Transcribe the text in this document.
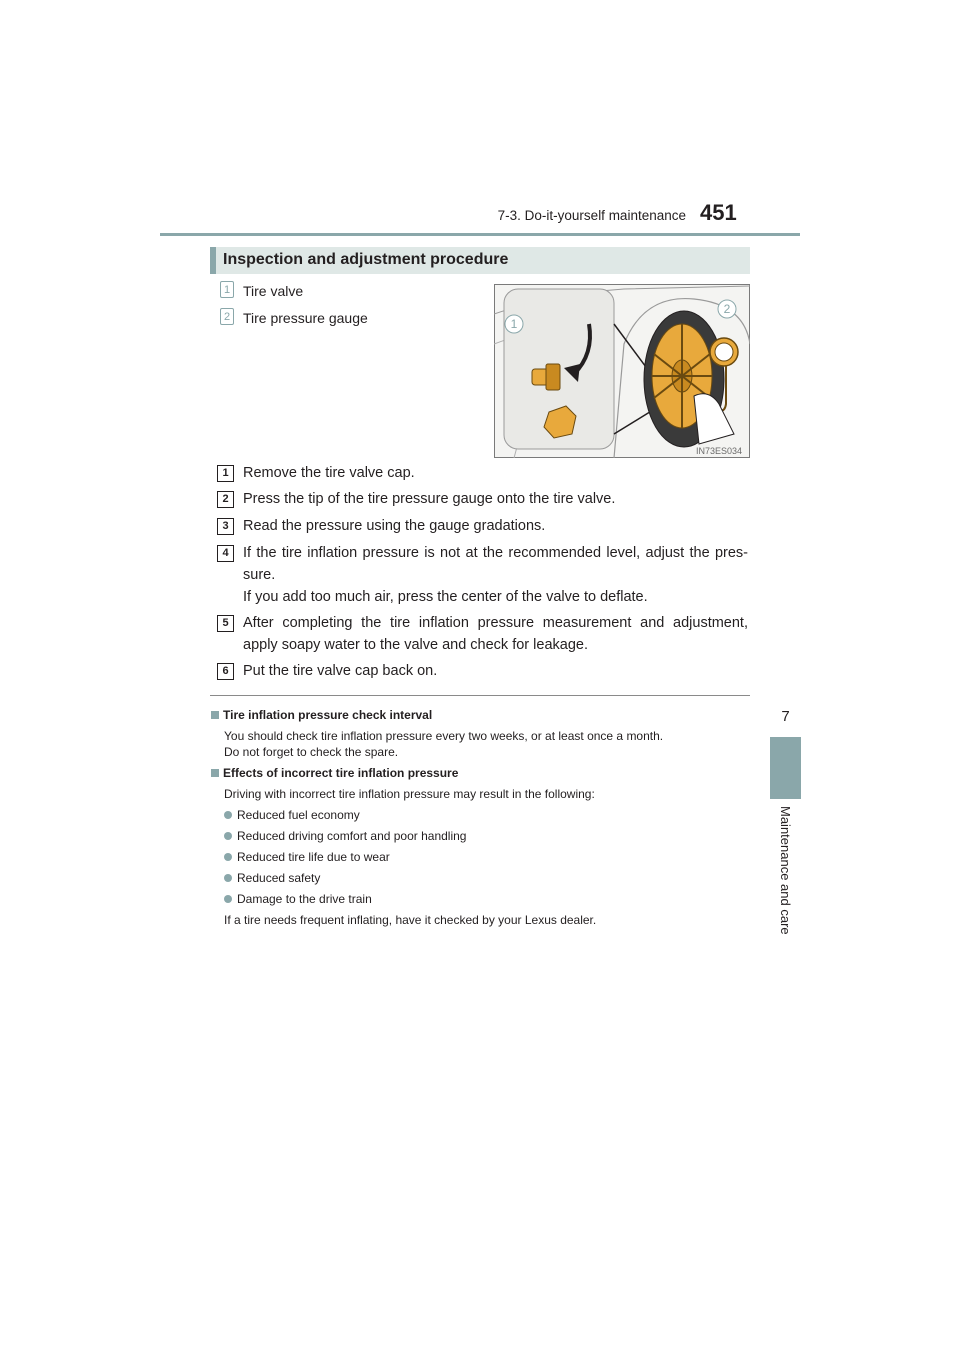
7-3. Do-it-yourself maintenance 451
7
Maintenance and care
Inspection and adjustment procedure
1 Tire valve
2 Tire pressure gauge	1
2
IN73ES034
1 Remove the tire valve cap.
2 Press the tip of the tire pressure gauge onto the tire valve.
3 Read the pressure using the gauge gradations.
4 If the tire inflation pressure is not at the recommended level, adjust the pres-sure.
If you add too much air, press the center of the valve to deflate.
5 After completing the tire inflation pressure measurement and adjustment, apply soapy water to the valve and check for leakage.
6 Put the tire valve cap back on.
Tire inflation pressure check interval
You should check tire inflation pressure every two weeks, or at least once a month.
Do not forget to check the spare.
Effects of incorrect tire inflation pressure
Driving with incorrect tire inflation pressure may result in the following:
Reduced fuel economy
Reduced driving comfort and poor handling
Reduced tire life due to wear
Reduced safety
Damage to the drive train
If a tire needs frequent inflating, have it checked by your Lexus dealer.
